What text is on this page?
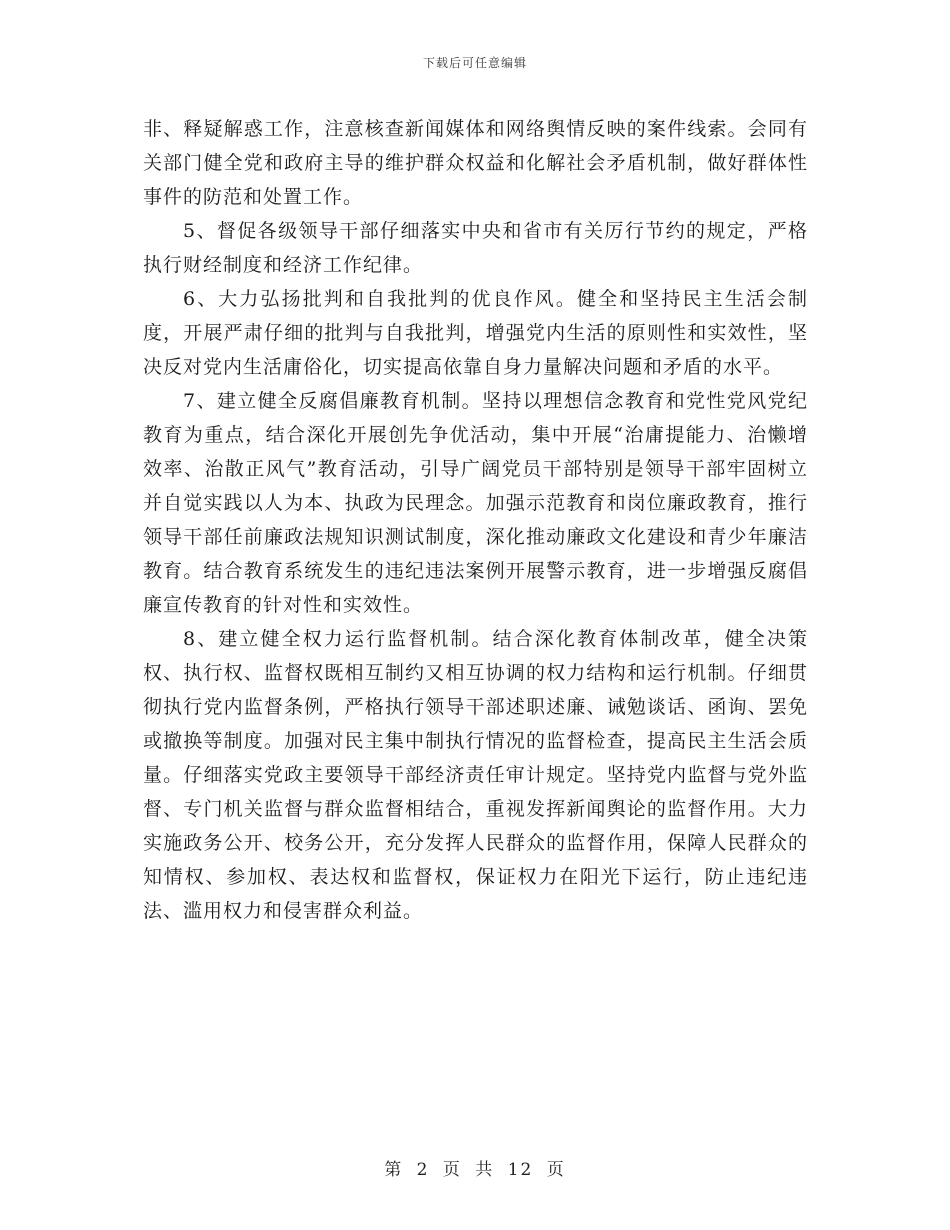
下载后可任意编辑

非、释疑解惑工作，注意核查新闻媒体和网络舆情反映的案件线索。会同有关部门健全党和政府主导的维护群众权益和化解社会矛盾机制，做好群体性事件的防范和处置工作。

5、督促各级领导干部仔细落实中央和省市有关厉行节约的规定，严格执行财经制度和经济工作纪律。

6、大力弘扬批判和自我批判的优良作风。健全和坚持民主生活会制度，开展严肃仔细的批判与自我批判，增强党内生活的原则性和实效性，坚决反对党内生活庸俗化，切实提高依靠自身力量解决问题和矛盾的水平。

7、建立健全反腐倡廉教育机制。坚持以理想信念教育和党性党风党纪教育为重点，结合深化开展创先争优活动，集中开展“治庸提能力、治懒增效率、治散正风气”教育活动，引导广阔党员干部特别是领导干部牢固树立并自觉实践以人为本、执政为民理念。加强示范教育和岗位廉政教育，推行领导干部任前廉政法规知识测试制度，深化推动廉政文化建设和青少年廉洁教育。结合教育系统发生的违纪违法案例开展警示教育，进一步增强反腐倡廉宣传教育的针对性和实效性。

8、建立健全权力运行监督机制。结合深化教育体制改革，健全决策权、执行权、监督权既相互制约又相互协调的权力结构和运行机制。仔细贯彻执行党内监督条例，严格执行领导干部述职述廉、诫勉谈话、函询、罢免或撤换等制度。加强对民主集中制执行情况的监督检查，提高民主生活会质量。仔细落实党政主要领导干部经济责任审计规定。坚持党内监督与党外监督、专门机关监督与群众监督相结合，重视发挥新闻舆论的监督作用。大力实施政务公开、校务公开，充分发挥人民群众的监督作用，保障人民群众的知情权、参加权、表达权和监督权，保证权力在阳光下运行，防止违纪违法、滥用权力和侵害群众利益。

第 2 页 共 12 页
